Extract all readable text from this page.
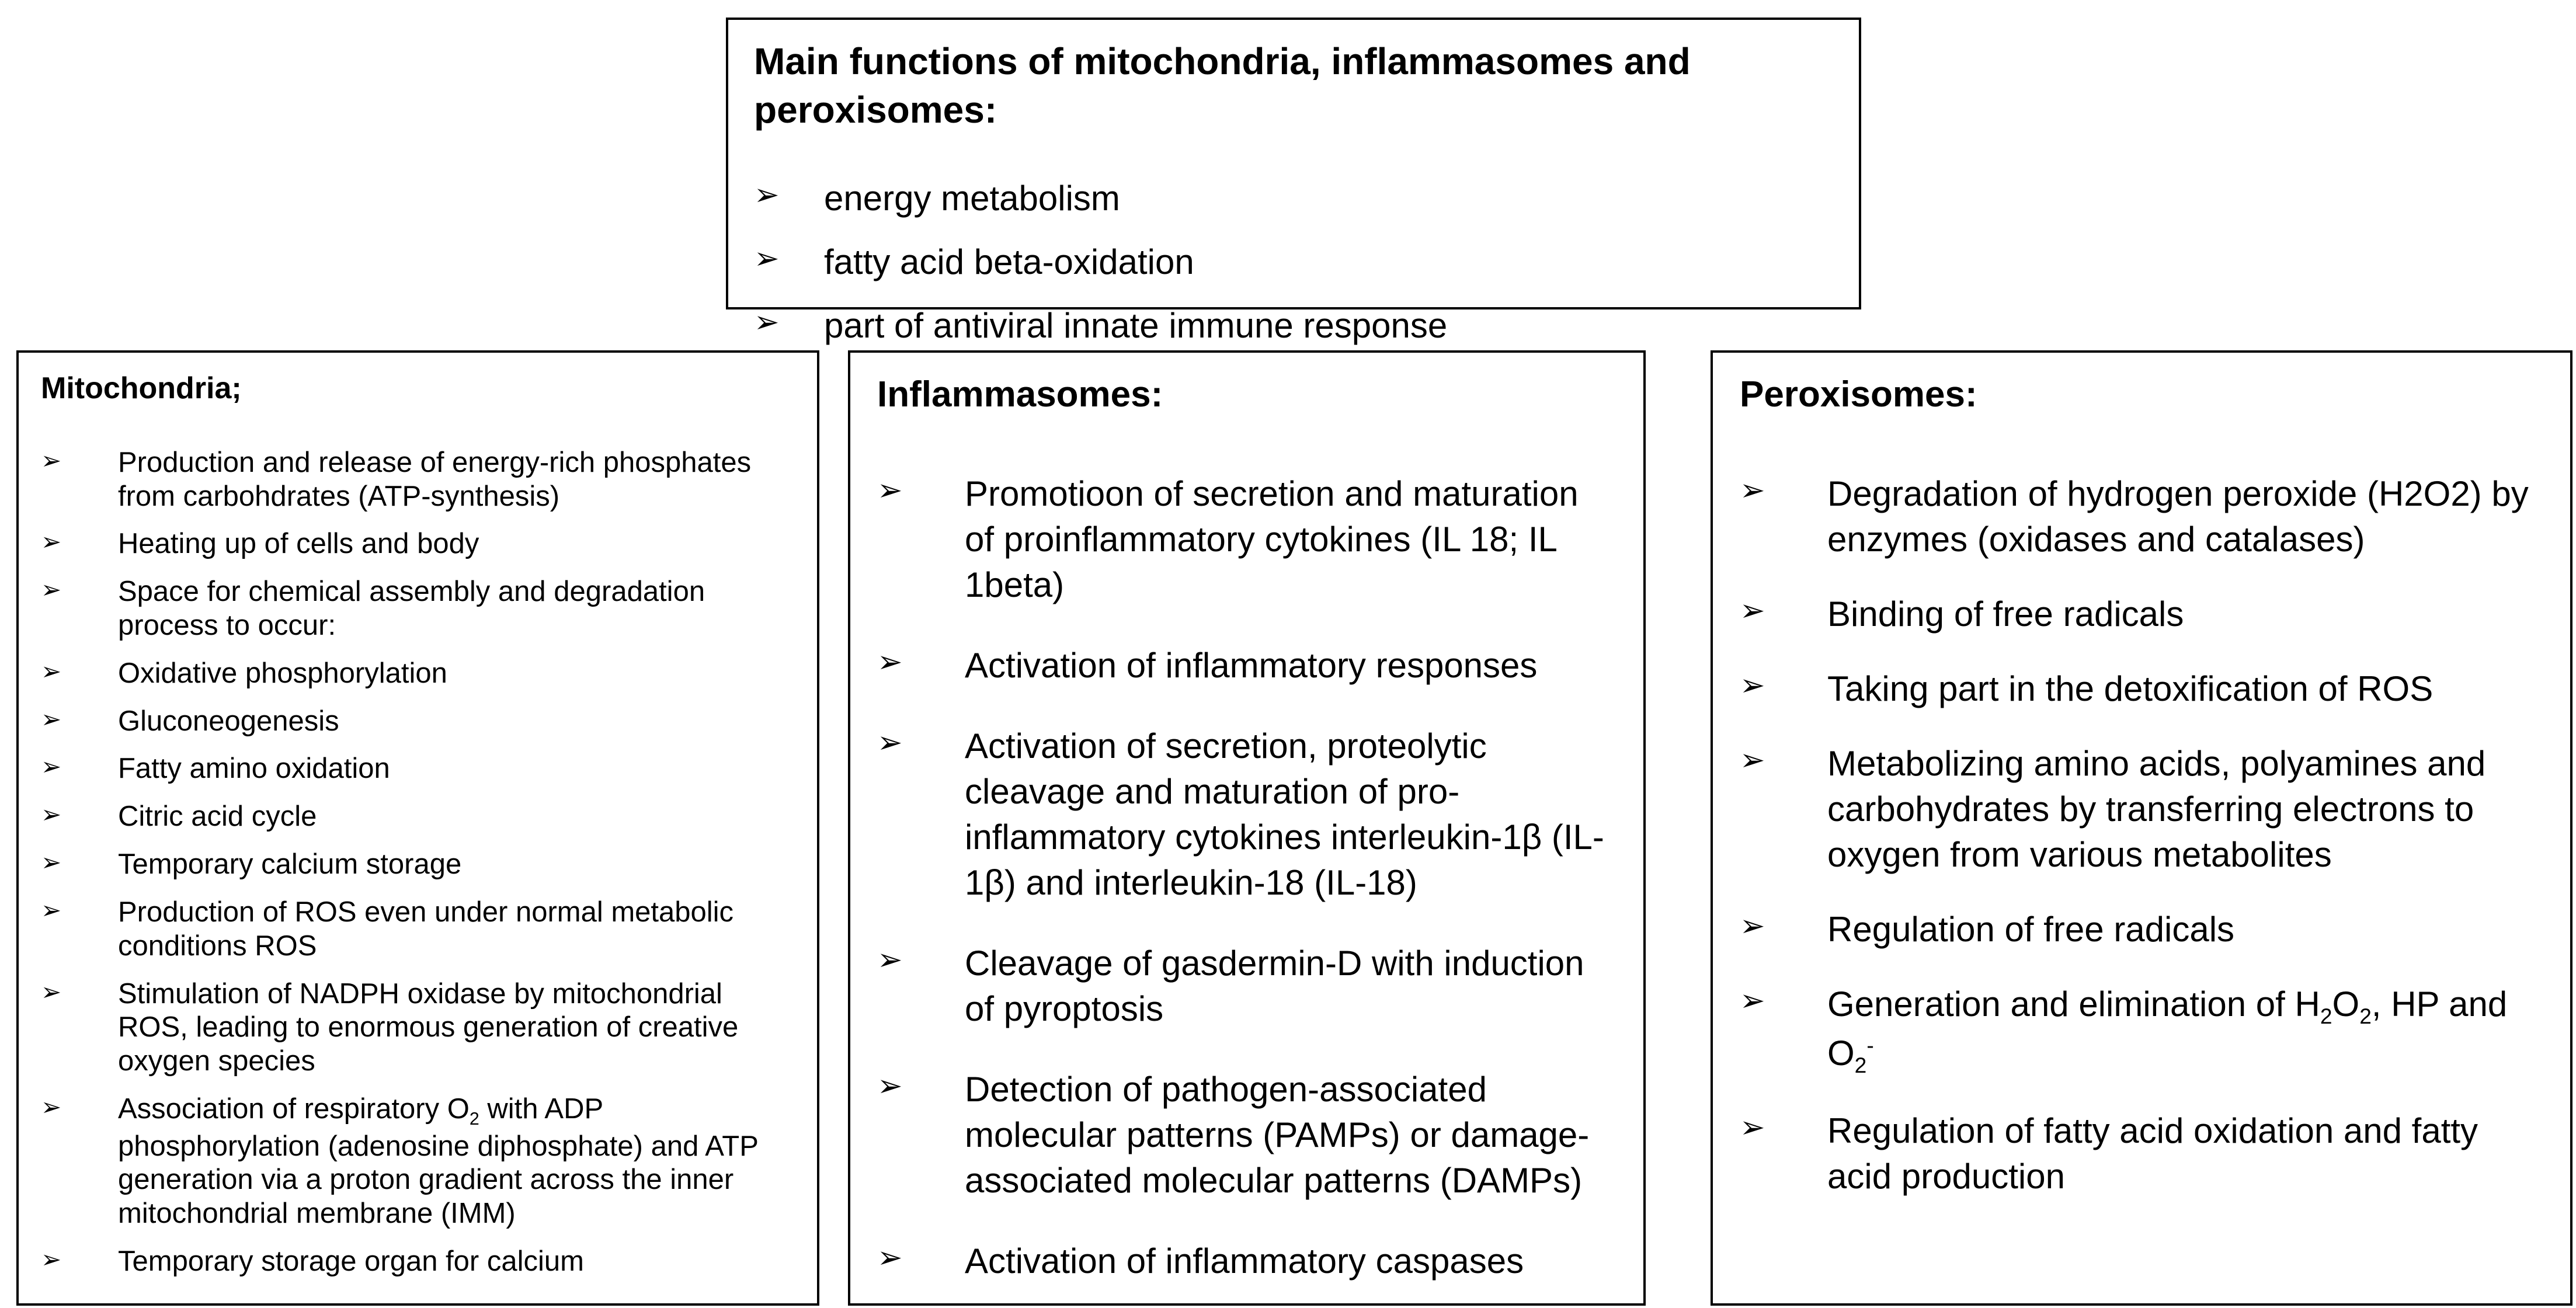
Main functions of mitochondria, inflammasomes and peroxisomes:
➢	energy metabolism
➢	fatty acid beta-oxidation
➢	part of antiviral innate immune response
Mitochondria;
➢	Production and release of energy-rich phosphates from carbohdrates (ATP-synthesis)
➢	Heating up of cells and body
➢	Space for chemical assembly and degradation process to occur:
➢	Oxidative phosphorylation
➢	Gluconeogenesis
➢	Fatty amino oxidation
➢	Citric acid cycle
➢	Temporary calcium storage
➢	Production of ROS even under normal metabolic conditions ROS
➢	Stimulation of NADPH oxidase by mitochondrial ROS, leading to enormous generation of creative oxygen species
➢	Association of respiratory $O_2$ with ADP phosphorylation (adenosine diphosphate) and ATP generation via a proton gradient across the inner mitochondrial membrane (IMM)
➢	Temporary storage organ for calcium
Inflammasomes:
➢	Promotioon of secretion and maturation of proinflammatory cytokines (IL 18; IL 1beta)
➢	Activation of inflammatory responses
➢	Activation of secretion, proteolytic cleavage and maturation of pro-inflammatory cytokines interleukin-1β (IL-1β) and interleukin-18 (IL-18)
➢	Cleavage of gasdermin-D with induction of pyroptosis
➢	Detection of pathogen-associated molecular patterns (PAMPs) or damage-associated molecular patterns (DAMPs)
➢	Activation of inflammatory caspases
Peroxisomes:
➢	Degradation of hydrogen peroxide (H2O2) by enzymes (oxidases and catalases)
➢	Binding of free radicals
➢	Taking part in the detoxification of ROS
➢	Metabolizing amino acids, polyamines and carbohydrates by transferring electrons to oxygen from various metabolites
➢	Regulation of free radicals
➢	Generation and elimination of $H_2O_2$, HP and $O_2^-$
➢	Regulation of fatty acid oxidation and fatty acid production
